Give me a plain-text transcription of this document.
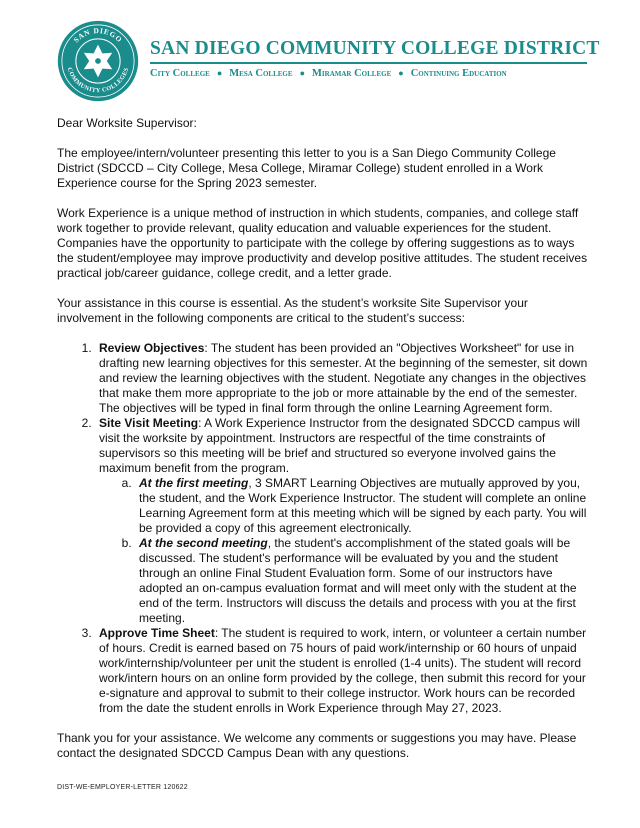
SAN DIEGO
COMMUNITY COLLEGES
SAN DIEGO COMMUNITY COLLEGE DISTRICT
City College ● Mesa College ● Miramar College ● Continuing Education

Dear Worksite Supervisor:

The employee/intern/volunteer presenting this letter to you is a San Diego Community College District (SDCCD – City College, Mesa College, Miramar College) student enrolled in a Work Experience course for the Spring 2023 semester.

Work Experience is a unique method of instruction in which students, companies, and college staff work together to provide relevant, quality education and valuable experiences for the student. Companies have the opportunity to participate with the college by offering suggestions as to ways the student/employee may improve productivity and develop positive attitudes. The student receives practical job/career guidance, college credit, and a letter grade.

Your assistance in this course is essential. As the student’s worksite Site Supervisor your involvement in the following components are critical to the student’s success:

1. Review Objectives: The student has been provided an "Objectives Worksheet" for use in drafting new learning objectives for this semester. At the beginning of the semester, sit down and review the learning objectives with the student. Negotiate any changes in the objectives that make them more appropriate to the job or more attainable by the end of the semester. The objectives will be typed in final form through the online Learning Agreement form.
2. Site Visit Meeting: A Work Experience Instructor from the designated SDCCD campus will visit the worksite by appointment. Instructors are respectful of the time constraints of supervisors so this meeting will be brief and structured so everyone involved gains the maximum benefit from the program.
a. At the first meeting, 3 SMART Learning Objectives are mutually approved by you, the student, and the Work Experience Instructor. The student will complete an online Learning Agreement form at this meeting which will be signed by each party. You will be provided a copy of this agreement electronically.
b. At the second meeting, the student's accomplishment of the stated goals will be discussed. The student's performance will be evaluated by you and the student through an online Final Student Evaluation form. Some of our instructors have adopted an on-campus evaluation format and will meet only with the student at the end of the term. Instructors will discuss the details and process with you at the first meeting.
3. Approve Time Sheet: The student is required to work, intern, or volunteer a certain number of hours. Credit is earned based on 75 hours of paid work/internship or 60 hours of unpaid work/internship/volunteer per unit the student is enrolled (1-4 units). The student will record work/intern hours on an online form provided by the college, then submit this record for your e-signature and approval to submit to their college instructor. Work hours can be recorded from the date the student enrolls in Work Experience through May 27, 2023.

Thank you for your assistance. We welcome any comments or suggestions you may have. Please contact the designated SDCCD Campus Dean with any questions.

DIST-WE-EMPLOYER-LETTER 120622
